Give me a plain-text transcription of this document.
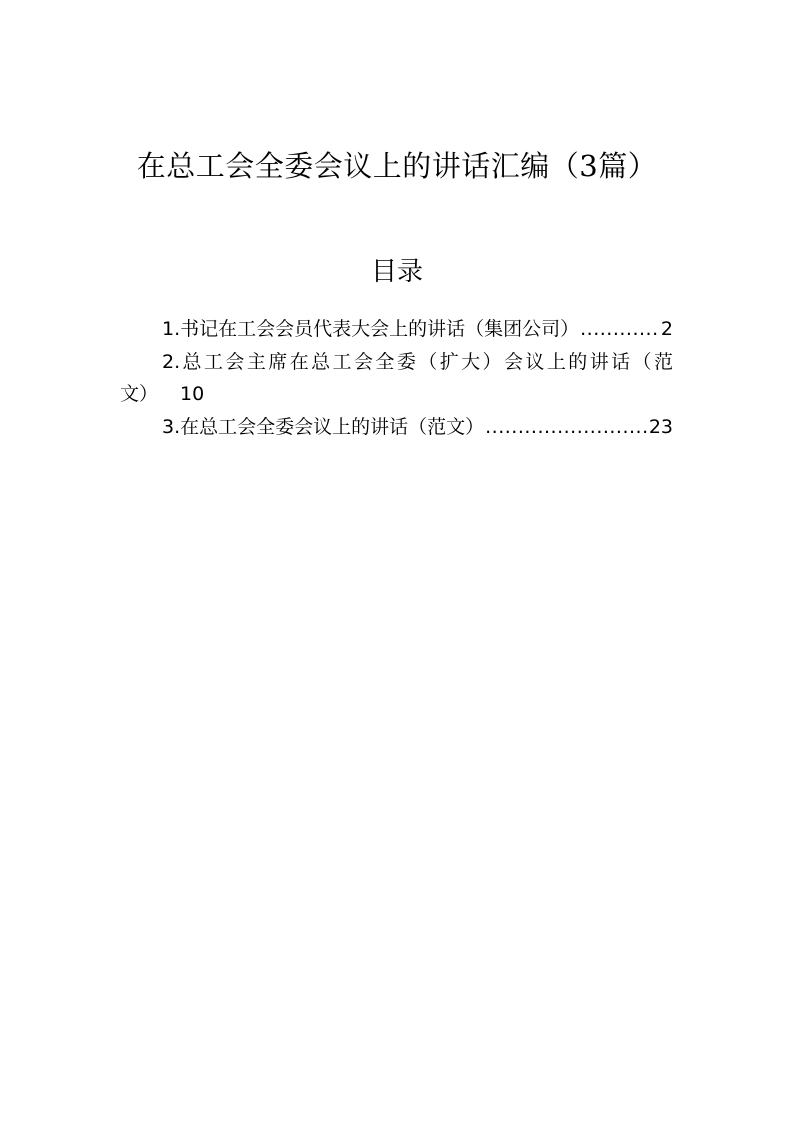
在总工会全委会议上的讲话汇编（3篇）
目录
1.书记在工会会员代表大会上的讲话（集团公司） .....	2
2.总工会主席在总工会全委（扩大）会议上的讲话（范
文） 10
3.在总工会全委会议上的讲话（范文） .....	23
